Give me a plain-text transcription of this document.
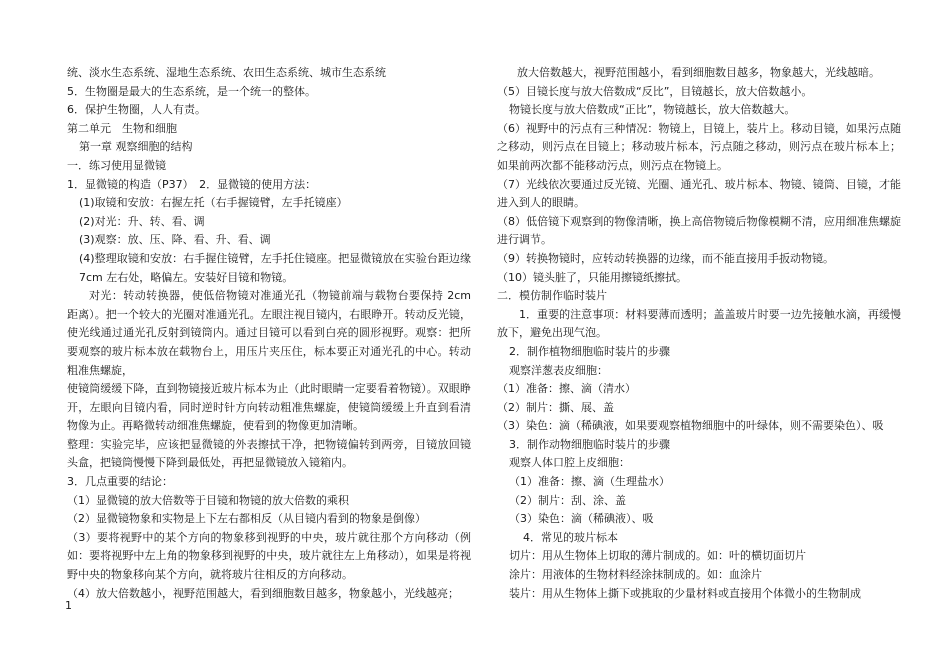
统、淡水生态系统、湿地生态系统、农田生态系统、城市生态系统

5．生物圈是最大的生态系统，是一个统一的整体。

6．保护生物圈，人人有责。

第二单元　生物和细胞

第一章 观察细胞的结构

一．练习使用显微镜

1．显微镜的构造（P37）　2．显微镜的使用方法：

(1)取镜和安放：右握左托（右手握镜臂，左手托镜座）

(2)对光：升、转、看、调

(3)观察：放、压、降、看、升、看、调

(4)整理取镜和安放：右手握住镜臂，左手托住镜座。把显微镜放在实验台距边缘 7cm 左右处，略偏左。安装好目镜和物镜。

对光：转动转换器，使低倍物镜对准通光孔（物镜前端与载物台要保持 2cm 距离）。把一个较大的光圈对准通光孔。左眼注视目镜内，右眼睁开。转动反光镜，使光线通过通光孔反射到镜筒内。通过目镜可以看到白亮的圆形视野。观察：把所要观察的玻片标本放在载物台上，用压片夹压住，标本要正对通光孔的中心。转动粗准焦螺旋，

使镜筒缓缓下降，直到物镜接近玻片标本为止（此时眼睛一定要看着物镜）。双眼睁开，左眼向目镜内看，同时逆时针方向转动粗准焦螺旋，使镜筒缓缓上升直到看清物像为止。再略微转动细准焦螺旋，使看到的物像更加清晰。

整理：实验完毕，应该把显微镜的外表擦拭干净，把物镜偏转到两旁，目镜放回镜头盒，把镜筒慢慢下降到最低处，再把显微镜放入镜箱内。

3．几点重要的结论：

（1）显微镜的放大倍数等于目镜和物镜的放大倍数的乘积

（2）显微镜物象和实物是上下左右都相反（从目镜内看到的物象是倒像）

（3）要将视野中的某个方向的物象移到视野的中央，玻片就往那个方向移动（例如：要将视野中左上角的物象移到视野的中央，玻片就往左上角移动），如果是将视野中央的物象移向某个方向，就将玻片往相反的方向移动。

（4）放大倍数越小，视野范围越大，看到细胞数目越多，物象越小，光线越亮；

放大倍数越大，视野范围越小，看到细胞数目越多，物象越大，光线越暗。

（5）目镜长度与放大倍数成“反比”，目镜越长，放大倍数越小。

物镜长度与放大倍数成“正比”，物镜越长，放大倍数越大。

（6）视野中的污点有三种情况：物镜上，目镜上，装片上。移动目镜，如果污点随之移动，则污点在目镜上；移动玻片标本，污点随之移动，则污点在玻片标本上；如果前两次都不能移动污点，则污点在物镜上。

（7）光线依次要通过反光镜、光圈、通光孔、玻片标本、物镜、镜筒、目镜，才能进入到人的眼睛。

（8）低倍镜下观察到的物像清晰，换上高倍物镜后物像模糊不清，应用细准焦螺旋进行调节。

（9）转换物镜时，应转动转换器的边缘，而不能直接用手扳动物镜。

（10）镜头脏了，只能用擦镜纸擦拭。

二．模仿制作临时装片

1．重要的注意事项：材料要薄而透明；盖盖玻片时要一边先接触水滴，再缓慢放下，避免出现气泡。

2．制作植物细胞临时装片的步骤

观察洋葱表皮细胞：

（1）准备：擦、滴（清水）

（2）制片：撕、展、盖

（3）染色：滴（稀碘液，如果要观察植物细胞中的叶绿体，则不需要染色）、吸

3．制作动物细胞临时装片的步骤

观察人体口腔上皮细胞：

（1）准备：擦、滴（生理盐水）

（2）制片：刮、涂、盖

（3）染色：滴（稀碘液）、吸

4．常见的玻片标本

切片：用从生物体上切取的薄片制成的。如：叶的横切面切片

涂片：用液体的生物材料经涂抹制成的。如：血涂片

装片：用从生物体上撕下或挑取的少量材料或直接用个体微小的生物制成

1
